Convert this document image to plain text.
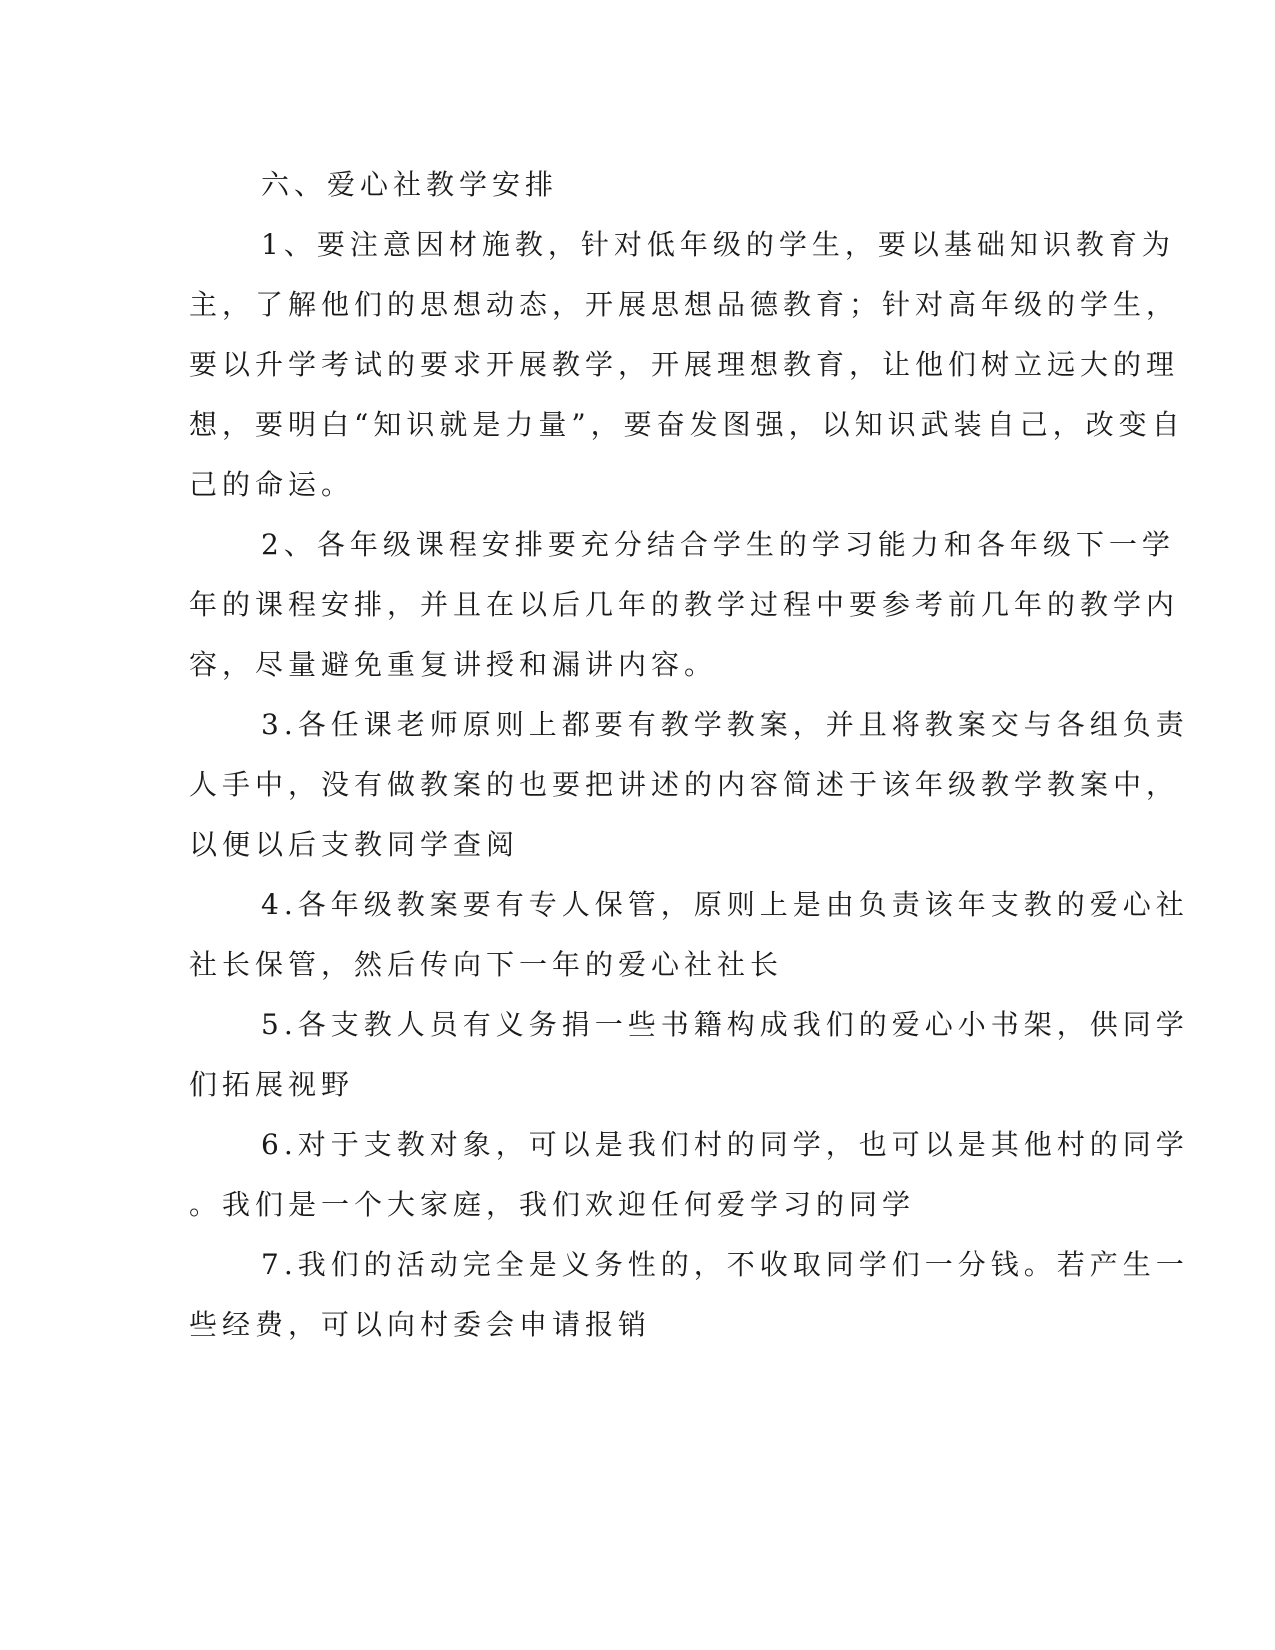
六、爱心社教学安排
1、要注意因材施教，针对低年级的学生，要以基础知识教育为
主，了解他们的思想动态，开展思想品德教育；针对高年级的学生，
要以升学考试的要求开展教学，开展理想教育，让他们树立远大的理
想，要明白“知识就是力量”，要奋发图强，以知识武装自己，改变自
己的命运。
2、各年级课程安排要充分结合学生的学习能力和各年级下一学
年的课程安排，并且在以后几年的教学过程中要参考前几年的教学内
容，尽量避免重复讲授和漏讲内容。
3.各任课老师原则上都要有教学教案，并且将教案交与各组负责
人手中，没有做教案的也要把讲述的内容简述于该年级教学教案中，
以便以后支教同学查阅
4.各年级教案要有专人保管，原则上是由负责该年支教的爱心社
社长保管，然后传向下一年的爱心社社长
5.各支教人员有义务捐一些书籍构成我们的爱心小书架，供同学
们拓展视野
6.对于支教对象，可以是我们村的同学，也可以是其他村的同学
。我们是一个大家庭，我们欢迎任何爱学习的同学
7.我们的活动完全是义务性的，不收取同学们一分钱。若产生一
些经费，可以向村委会申请报销
